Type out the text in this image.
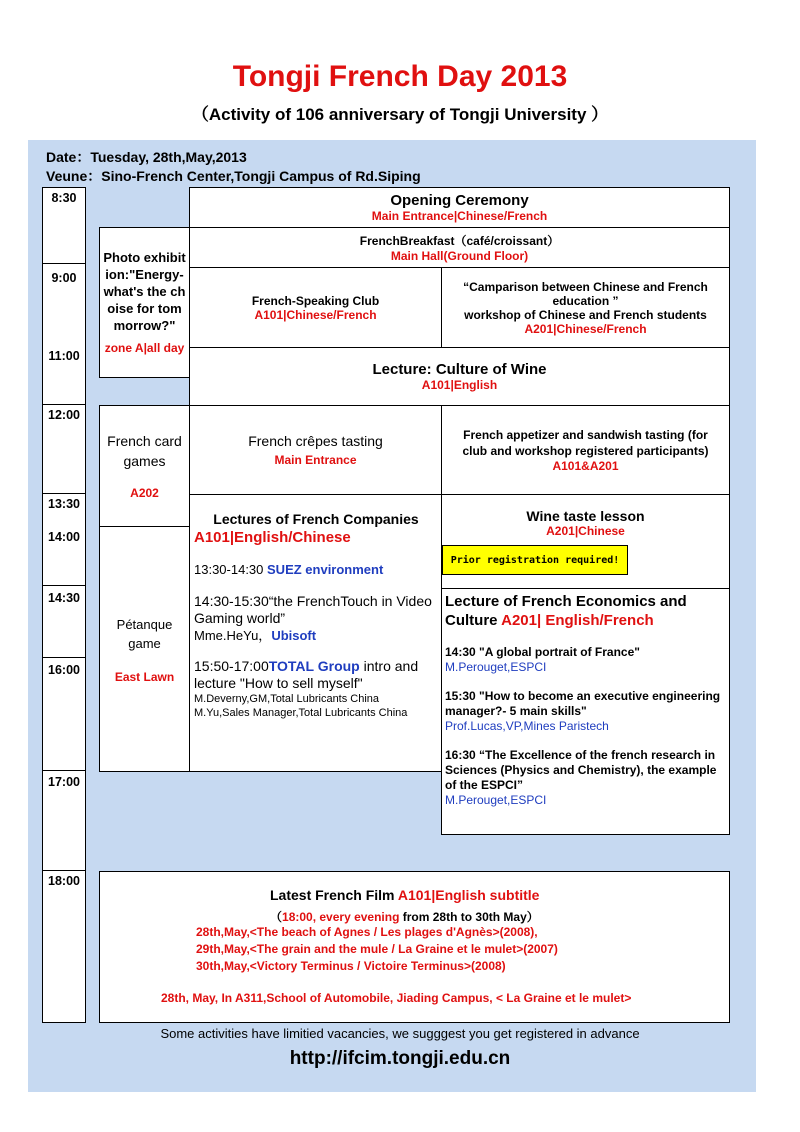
Tongji French Day 2013
（Activity of 106 anniversary of Tongji University ）
Date：Tuesday, 28th,May,2013
Veune：Sino-French Center,Tongji Campus of Rd.Siping
8:30
9:00
11:00
12:00
13:30
14:00
14:30
16:00
17:00
18:00
Opening Ceremony
Main Entrance|Chinese/French
Photo exhibition:"Energy-what's the choise for tommorrow?"
zone A|all day
FrenchBreakfast（café/croissant）
Main Hall(Ground Floor)
French-Speaking Club
A101|Chinese/French
“Camparison between Chinese and French education ”
workshop of Chinese and French students
A201|Chinese/French
Lecture: Culture of Wine
A101|English
French card games
A202
French crêpes tasting
Main Entrance
French appetizer and sandwish tasting (for club and workshop registered participants)
A101&A201
Lectures of French Companies
A101|English/Chinese
13:30-14:30 SUEZ environment
14:30-15:30“the FrenchTouch in Video Gaming world”
Mme.HeYu，Ubisoft
15:50-17:00TOTAL Group intro and lecture "How to sell myself"
M.Deverny,GM,Total Lubricants China
M.Yu,Sales Manager,Total Lubricants China
Wine taste lesson
A201|Chinese
Prior registration required!
Pétanque game
East Lawn
Lecture of French Economics and Culture A201| English/French
14:30 "A global portrait of France"
M.Perouget,ESPCI
15:30 "How to become an executive engineering manager?- 5 main skills"
Prof.Lucas,VP,Mines Paristech
16:30 “The Excellence of the french research in Sciences (Physics and Chemistry), the example of the ESPCI”
M.Perouget,ESPCI
Latest French Film A101|English subtitle
（18:00, every evening from 28th to 30th May）
28th,May,<The beach of Agnes / Les plages d'Agnès>(2008),
29th,May,<The grain and the mule / La Graine et le mulet>(2007)
30th,May,<Victory Terminus / Victoire Terminus>(2008)
28th, May, In A311,School of Automobile, Jiading Campus, < La Graine et le mulet>
Some activities have limitied vacancies, we sugggest you get registered in advance
http://ifcim.tongji.edu.cn
